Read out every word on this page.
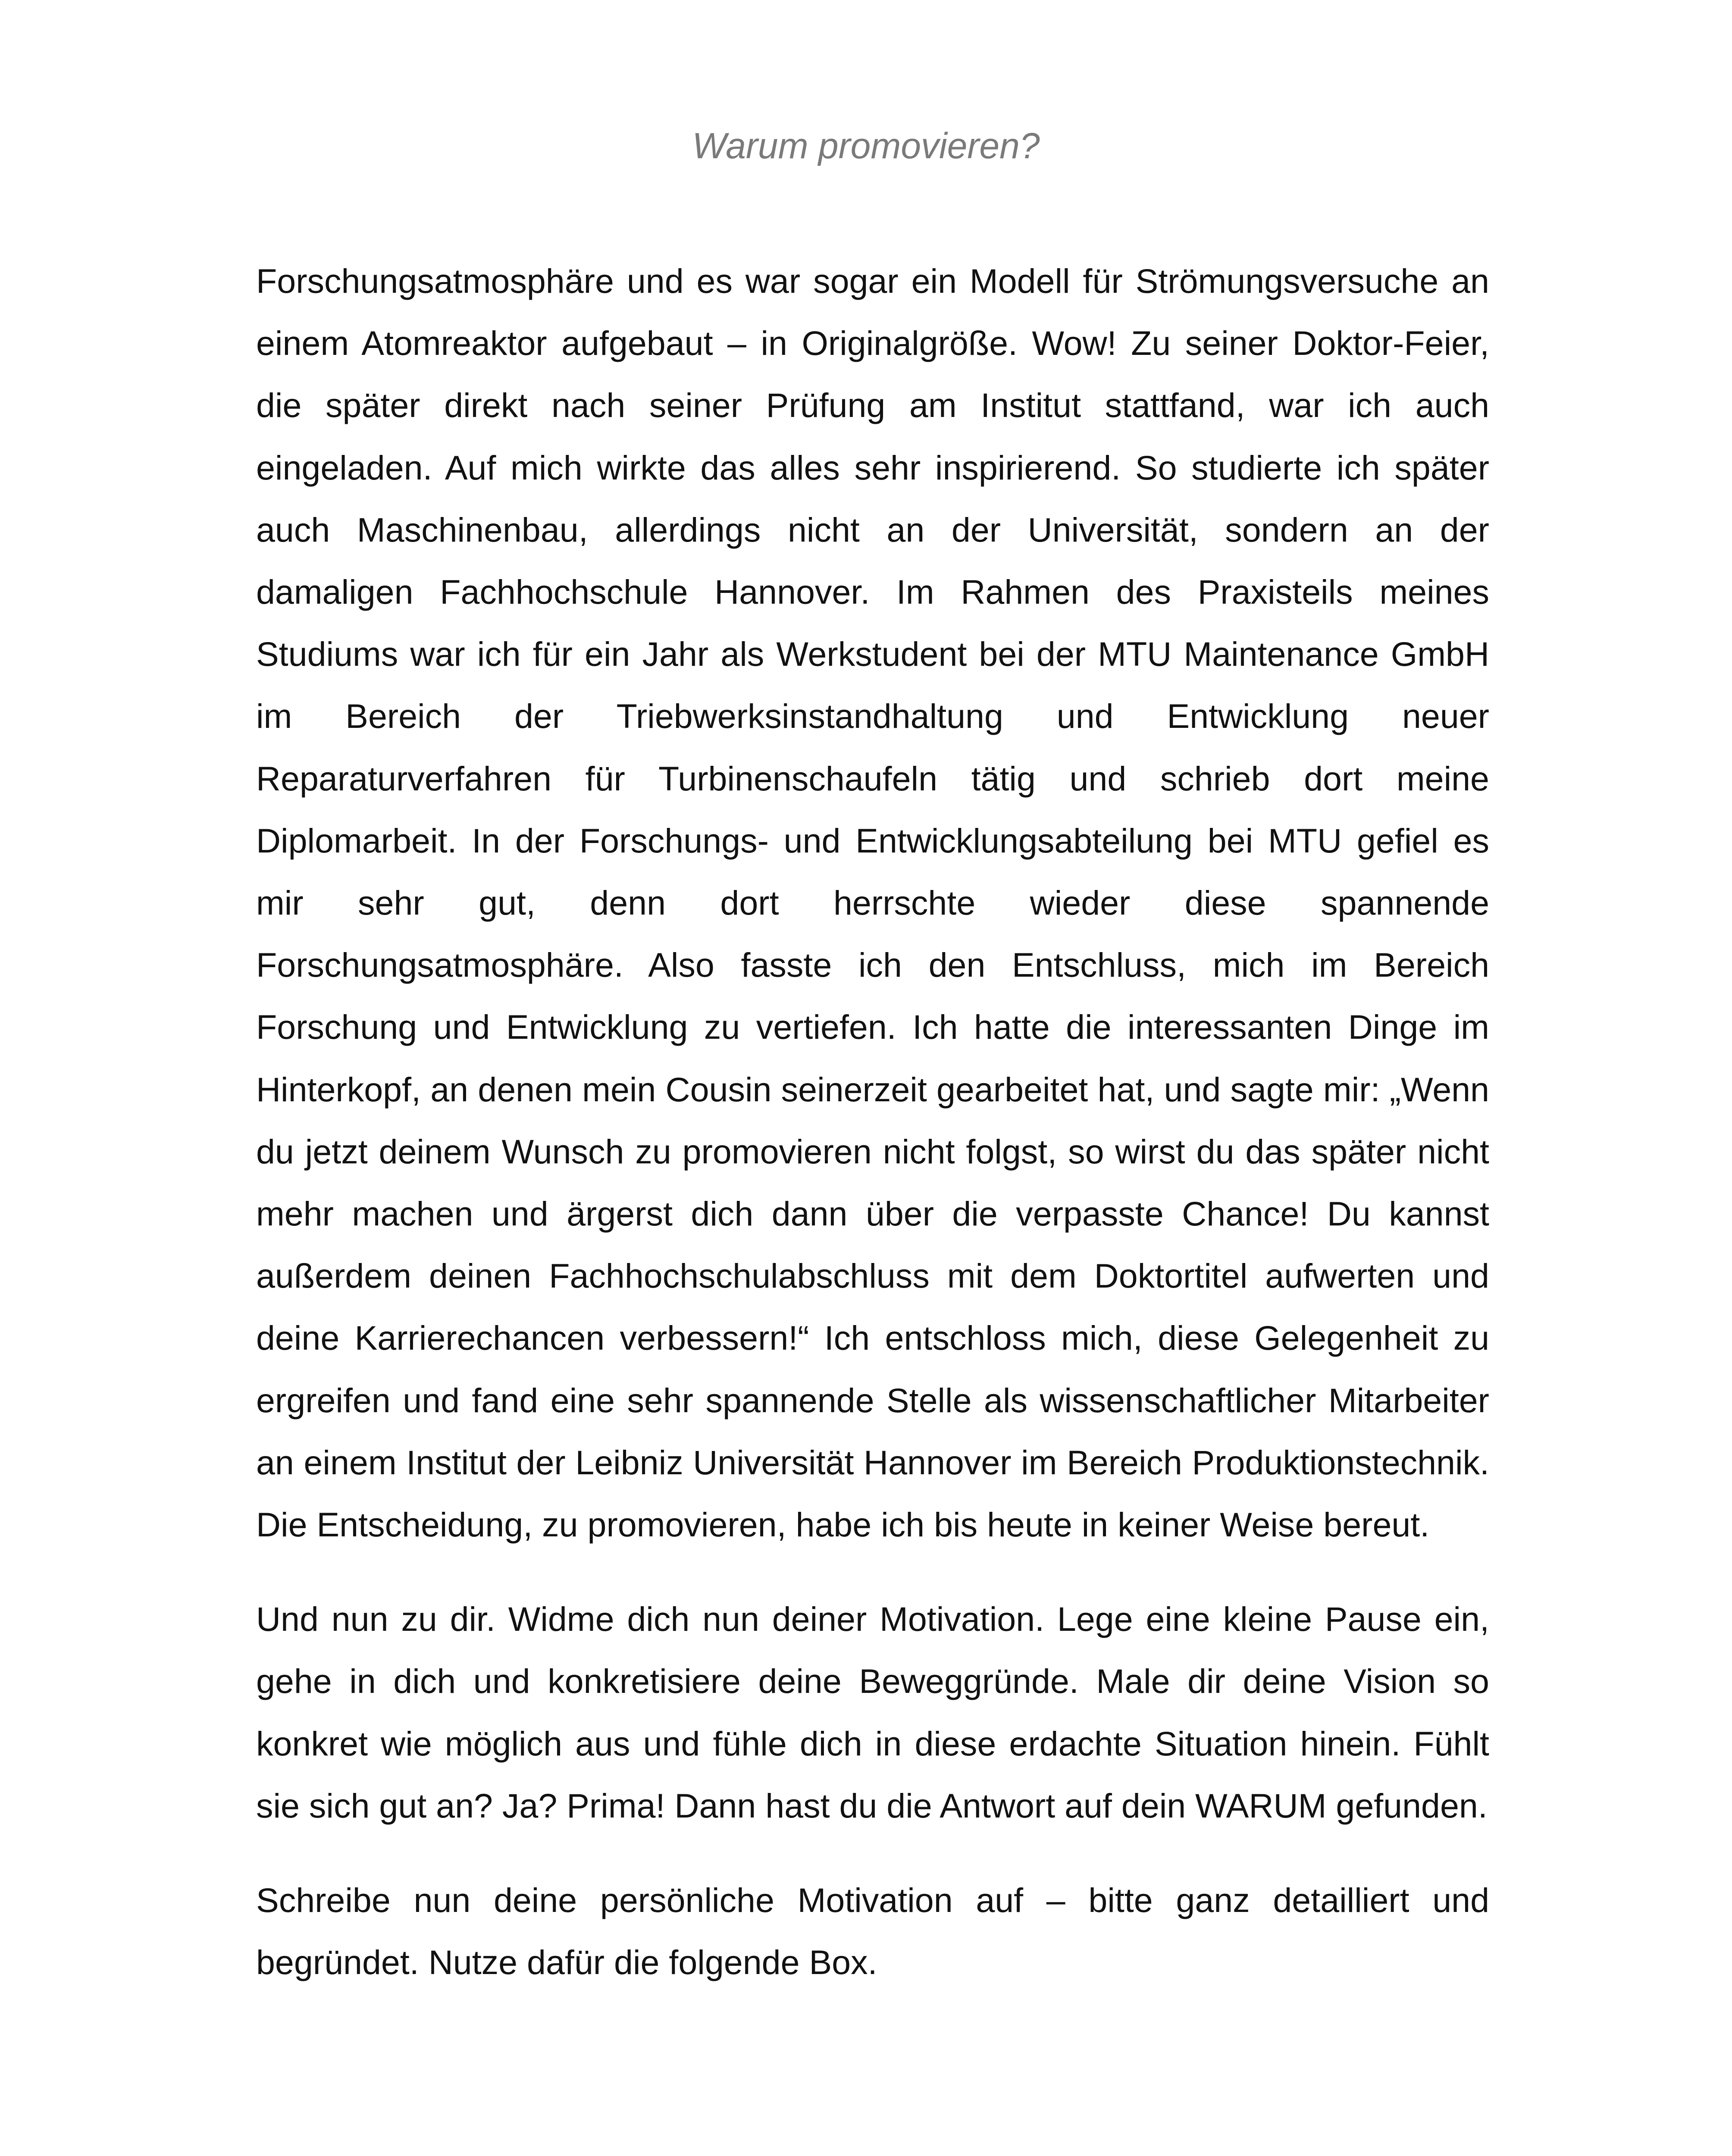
Warum promovieren?

Forschungsatmosphäre und es war sogar ein Modell für Strömungsversuche an einem Atomreaktor aufgebaut – in Originalgröße. Wow! Zu seiner Doktor-Feier, die später direkt nach seiner Prüfung am Institut stattfand, war ich auch eingeladen. Auf mich wirkte das alles sehr inspirierend. So studierte ich später auch Maschinenbau, allerdings nicht an der Universität, sondern an der damaligen Fachhochschule Hannover. Im Rahmen des Praxisteils meines Studiums war ich für ein Jahr als Werkstudent bei der MTU Maintenance GmbH im Bereich der Triebwerksinstandhaltung und Entwicklung neuer Reparaturverfahren für Turbinenschaufeln tätig und schrieb dort meine Diplomarbeit. In der Forschungs- und Entwicklungsabteilung bei MTU gefiel es mir sehr gut, denn dort herrschte wieder diese spannende Forschungsatmosphäre. Also fasste ich den Entschluss, mich im Bereich Forschung und Entwicklung zu vertiefen. Ich hatte die interessanten Dinge im Hinterkopf, an denen mein Cousin seinerzeit gearbeitet hat, und sagte mir: „Wenn du jetzt deinem Wunsch zu promovieren nicht folgst, so wirst du das später nicht mehr machen und ärgerst dich dann über die verpasste Chance! Du kannst außerdem deinen Fachhochschulabschluss mit dem Doktortitel aufwerten und deine Karrierechancen verbessern!“ Ich entschloss mich, diese Gelegenheit zu ergreifen und fand eine sehr spannende Stelle als wissenschaftlicher Mitarbeiter an einem Institut der Leibniz Universität Hannover im Bereich Produktionstechnik. Die Entscheidung, zu promovieren, habe ich bis heute in keiner Weise bereut.

Und nun zu dir. Widme dich nun deiner Motivation. Lege eine kleine Pause ein, gehe in dich und konkretisiere deine Beweggründe. Male dir deine Vision so konkret wie möglich aus und fühle dich in diese erdachte Situation hinein. Fühlt sie sich gut an? Ja? Prima! Dann hast du die Antwort auf dein WARUM gefunden.

Schreibe nun deine persönliche Motivation auf – bitte ganz detailliert und begründet. Nutze dafür die folgende Box.
